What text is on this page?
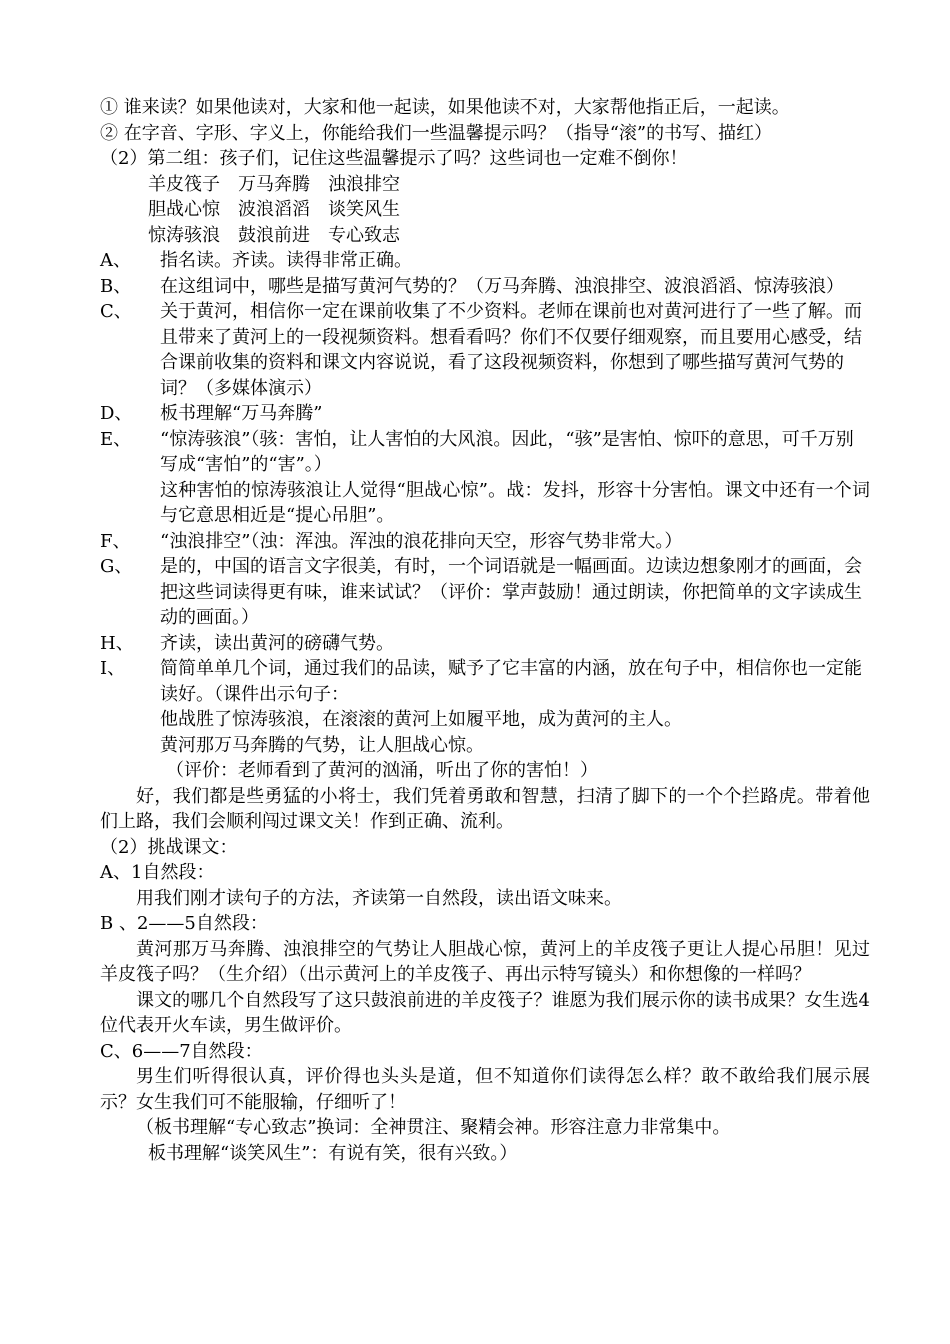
① 谁来读？如果他读对，大家和他一起读，如果他读不对，大家帮他指正后，一起读。

② 在字音、字形、字义上，你能给我们一些温馨提示吗？（指导“滚”的书写、描红）

（2）第二组：孩子们，记住这些温馨提示了吗？这些词也一定难不倒你！

羊皮筏子　万马奔腾　浊浪排空

胆战心惊　波浪滔滔　谈笑风生

惊涛骇浪　鼓浪前进　专心致志

A、	指名读。齐读。读得非常正确。
B、	在这组词中，哪些是描写黄河气势的？（万马奔腾、浊浪排空、波浪滔滔、惊涛骇浪）
C、	关于黄河，相信你一定在课前收集了不少资料。老师在课前也对黄河进行了一些了解。而且带来了黄河上的一段视频资料。想看看吗？你们不仅要仔细观察，而且要用心感受，结合课前收集的资料和课文内容说说，看了这段视频资料，你想到了哪些描写黄河气势的词？（多媒体演示）
D、	板书理解“万马奔腾”
E、	“惊涛骇浪”（骇：害怕，让人害怕的大风浪。因此，“骇”是害怕、惊吓的意思，可千万别写成“害怕”的“害”。）

这种害怕的惊涛骇浪让人觉得“胆战心惊”。战：发抖，形容十分害怕。课文中还有一个词与它意思相近是“提心吊胆”。

F、	“浊浪排空”（浊：浑浊。浑浊的浪花排向天空，形容气势非常大。）
G、	是的，中国的语言文字很美，有时，一个词语就是一幅画面。边读边想象刚才的画面，会把这些词读得更有味，谁来试试？（评价：掌声鼓励！通过朗读，你把简单的文字读成生动的画面。）
H、	齐读，读出黄河的磅礴气势。
I、	简简单单几个词，通过我们的品读，赋予了它丰富的内涵，放在句子中，相信你也一定能读好。（课件出示句子：

他战胜了惊涛骇浪，在滚滚的黄河上如履平地，成为黄河的主人。

黄河那万马奔腾的气势，让人胆战心惊。

（评价：老师看到了黄河的汹涌，听出了你的害怕！）

好，我们都是些勇猛的小将士，我们凭着勇敢和智慧，扫清了脚下的一个个拦路虎。带着他们上路，我们会顺利闯过课文关！作到正确、流利。

（2）挑战课文：

A、1自然段：

用我们刚才读句子的方法，齐读第一自然段，读出语文味来。

B 、2——5自然段：

黄河那万马奔腾、浊浪排空的气势让人胆战心惊，黄河上的羊皮筏子更让人提心吊胆！见过羊皮筏子吗？（生介绍）（出示黄河上的羊皮筏子、再出示特写镜头）和你想像的一样吗？

课文的哪几个自然段写了这只鼓浪前进的羊皮筏子？谁愿为我们展示你的读书成果？女生选4位代表开火车读，男生做评价。

C、6——7自然段：

男生们听得很认真，评价得也头头是道，但不知道你们读得怎么样？敢不敢给我们展示展示？女生我们可不能服输，仔细听了！

（板书理解“专心致志”换词：全神贯注、聚精会神。形容注意力非常集中。

板书理解“谈笑风生”：有说有笑，很有兴致。）
